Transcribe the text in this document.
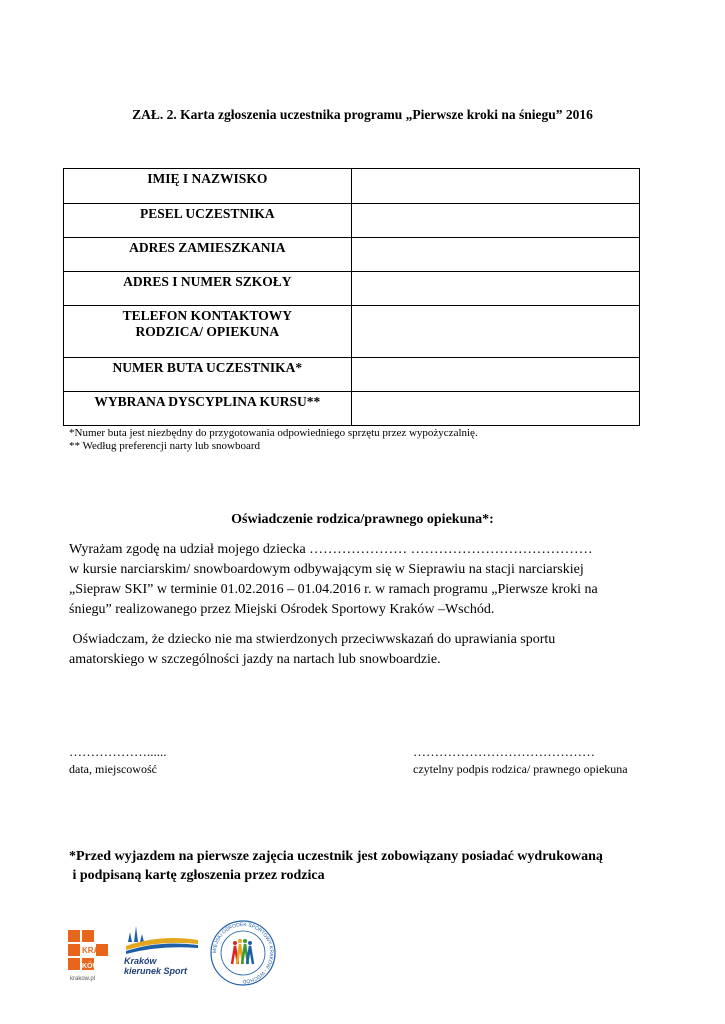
ZAŁ. 2. Karta zgłoszenia uczestnika programu „Pierwsze kroki na śniegu” 2016
IMIĘ I NAZWISKO	
PESEL UCZESTNIKA	
ADRES ZAMIESZKANIA	
ADRES I NUMER SZKOŁY	

TELEFON KONTAKTOWY
RODZICA/ OPIEKUNA	

NUMER BUTA UCZESTNIKA*	
WYBRANA DYSCYPLINA KURSU**	
*Numer buta jest niezbędny do przygotowania odpowiedniego sprzętu przez wypożyczalnię.
** Według preferencji narty lub snowboard
Oświadczenie rodzica/prawnego opiekuna*:
Wyrażam zgodę na udział mojego dziecka ………………… …………………………………
w kursie narciarskim/ snowboardowym odbywającym się w Sieprawiu na stacji narciarskiej
„Siepraw SKI” w terminie 01.02.2016 – 01.04.2016 r. w ramach programu „Pierwsze kroki na
śniegu” realizowanego przez Miejski Ośrodek Sportowy Kraków –Wschód.
Oświadczam, że dziecko nie ma stwierdzonych przeciwwskazań do uprawiania sportu
amatorskiego w szczególności jazdy na nartach lub snowboardzie.
………………......	……………………………………
data, miejscowość	czytelny podpis rodzica/ prawnego opiekuna
*Przed wyjazdem na pierwsze zajęcia uczestnik jest zobowiązany posiadać wydrukowaną
i podpisaną kartę zgłoszenia przez rodzica
KRA
KÓW
krakow.pl
Kraków
kierunek Sport
MIEJSKI OŚRODEK SPORTOWY KRAKÓW - WSCHÓD
